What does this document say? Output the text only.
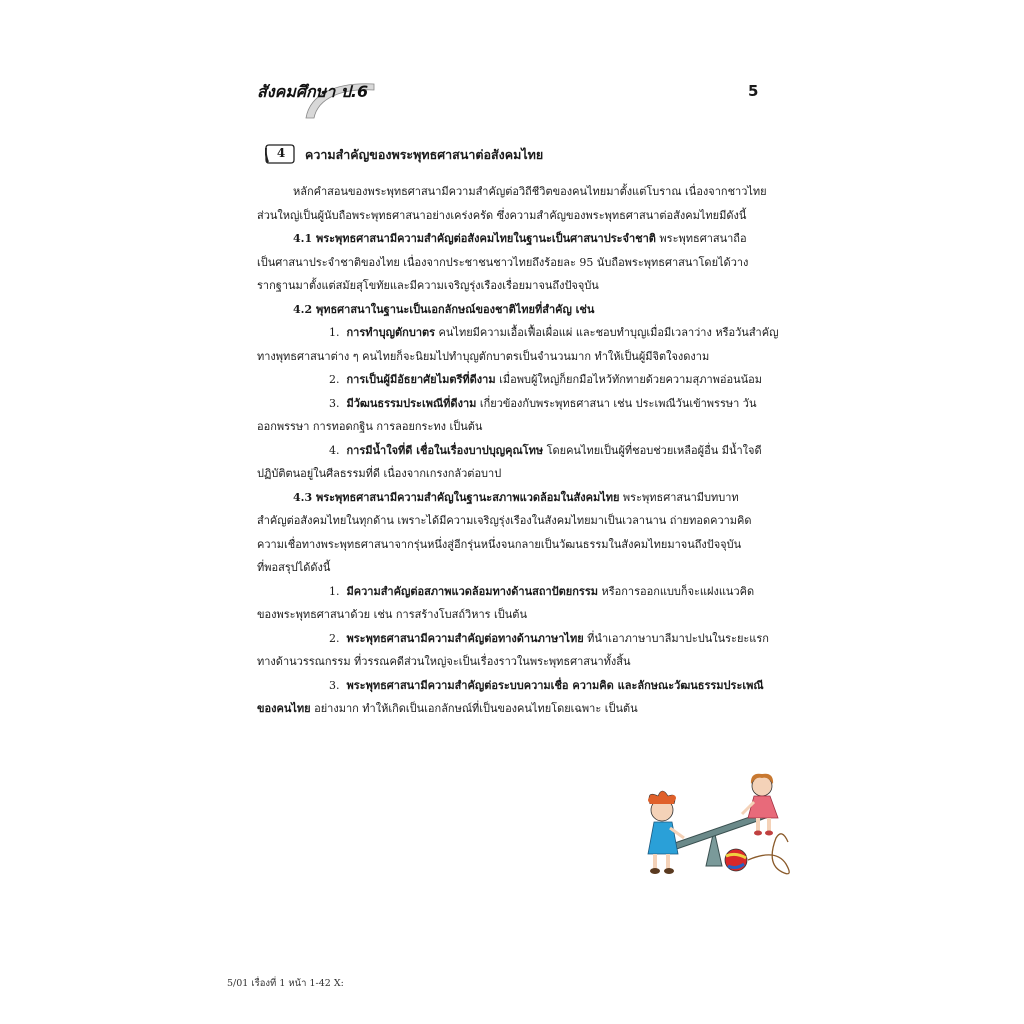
สังคมศึกษา ป.6	5
4	ความสำคัญของพระพุทธศาสนาต่อสังคมไทย
หลักคำสอนของพระพุทธศาสนามีความสำคัญต่อวิถีชีวิตของคนไทยมาตั้งแต่โบราณ เนื่องจากชาวไทย
ส่วนใหญ่เป็นผู้นับถือพระพุทธศาสนาอย่างเคร่งครัด ซึ่งความสำคัญของพระพุทธศาสนาต่อสังคมไทยมีดังนี้
4.1 พระพุทธศาสนามีความสำคัญต่อสังคมไทยในฐานะเป็นศาสนาประจำชาติ พระพุทธศาสนาถือ
เป็นศาสนาประจำชาติของไทย เนื่องจากประชาชนชาวไทยถึงร้อยละ 95 นับถือพระพุทธศาสนาโดยได้วาง
รากฐานมาตั้งแต่สมัยสุโขทัยและมีความเจริญรุ่งเรืองเรื่อยมาจนถึงปัจจุบัน
4.2 พุทธศาสนาในฐานะเป็นเอกลักษณ์ของชาติไทยที่สำคัญ เช่น
1. การทำบุญตักบาตร คนไทยมีความเอื้อเฟื้อเผื่อแผ่ และชอบทำบุญเมื่อมีเวลาว่าง หรือวันสำคัญ
ทางพุทธศาสนาต่าง ๆ คนไทยก็จะนิยมไปทำบุญตักบาตรเป็นจำนวนมาก ทำให้เป็นผู้มีจิตใจงดงาม
2. การเป็นผู้มีอัธยาศัยไมตรีที่ดีงาม เมื่อพบผู้ใหญ่ก็ยกมือไหว้ทักทายด้วยความสุภาพอ่อนน้อม
3. มีวัฒนธรรมประเพณีที่ดีงาม เกี่ยวข้องกับพระพุทธศาสนา เช่น ประเพณีวันเข้าพรรษา วัน
ออกพรรษา การทอดกฐิน การลอยกระทง เป็นต้น
4. การมีน้ำใจที่ดี เชื่อในเรื่องบาปบุญคุณโทษ โดยคนไทยเป็นผู้ที่ชอบช่วยเหลือผู้อื่น มีน้ำใจดี
ปฏิบัติตนอยู่ในศีลธรรมที่ดี เนื่องจากเกรงกลัวต่อบาป
4.3 พระพุทธศาสนามีความสำคัญในฐานะสภาพแวดล้อมในสังคมไทย พระพุทธศาสนามีบทบาท
สำคัญต่อสังคมไทยในทุกด้าน เพราะได้มีความเจริญรุ่งเรืองในสังคมไทยมาเป็นเวลานาน ถ่ายทอดความคิด
ความเชื่อทางพระพุทธศาสนาจากรุ่นหนึ่งสู่อีกรุ่นหนึ่งจนกลายเป็นวัฒนธรรมในสังคมไทยมาจนถึงปัจจุบัน
ที่พอสรุปได้ดังนี้
1. มีความสำคัญต่อสภาพแวดล้อมทางด้านสถาปัตยกรรม หรือการออกแบบก็จะแฝงแนวคิด
ของพระพุทธศาสนาด้วย เช่น การสร้างโบสถ์วิหาร เป็นต้น
2. พระพุทธศาสนามีความสำคัญต่อทางด้านภาษาไทย ที่นำเอาภาษาบาลีมาปะปนในระยะแรก
ทางด้านวรรณกรรม ที่วรรณคดีส่วนใหญ่จะเป็นเรื่องราวในพระพุทธศาสนาทั้งสิ้น
3. พระพุทธศาสนามีความสำคัญต่อระบบความเชื่อ ความคิด และลักษณะวัฒนธรรมประเพณี
ของคนไทย อย่างมาก ทำให้เกิดเป็นเอกลักษณ์ที่เป็นของคนไทยโดยเฉพาะ เป็นต้น
5/01 เรื่องที่ 1 หน้า 1-42 X:
